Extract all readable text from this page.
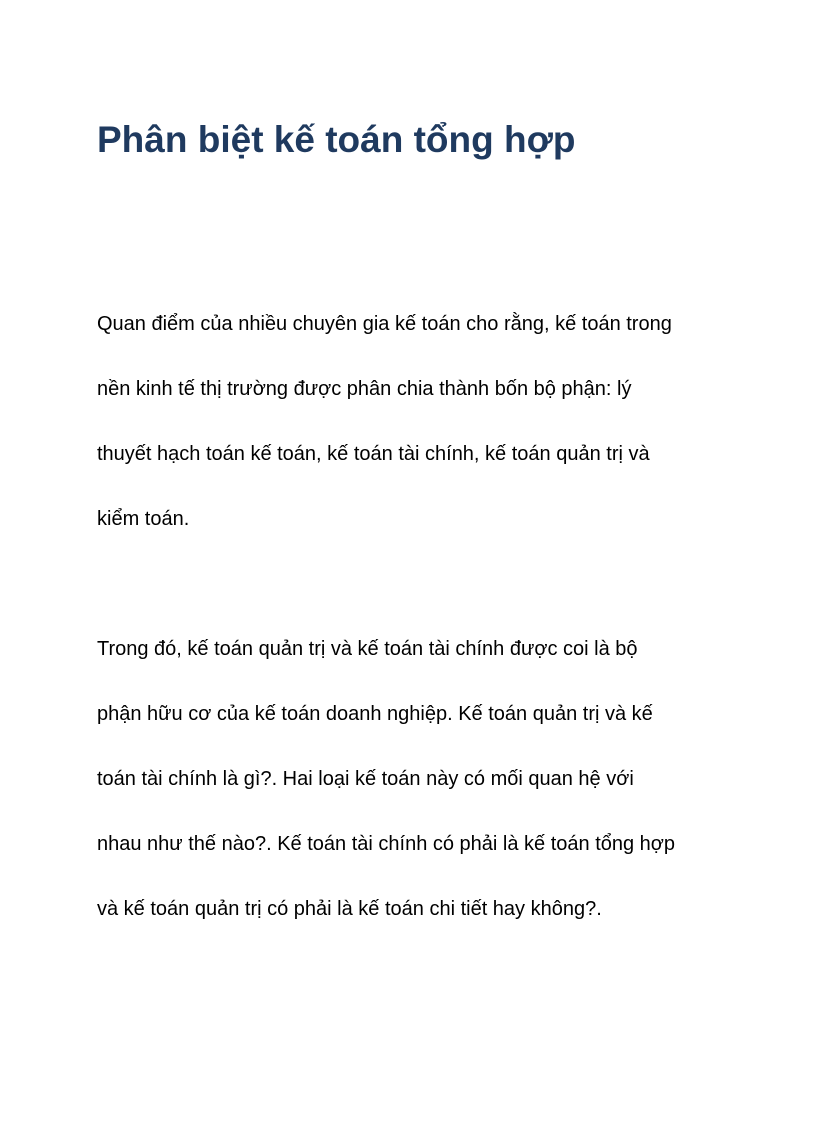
Phân biệt kế toán tổng hợp

Quan điểm của nhiều chuyên gia kế toán cho rằng, kế toán trong
nền kinh tế thị trường được phân chia thành bốn bộ phận: lý
thuyết hạch toán kế toán, kế toán tài chính, kế toán quản trị và
kiểm toán.

Trong đó, kế toán quản trị và kế toán tài chính được coi là bộ
phận hữu cơ của kế toán doanh nghiệp. Kế toán quản trị và kế
toán tài chính là gì?. Hai loại kế toán này có mối quan hệ với
nhau như thế nào?. Kế toán tài chính có phải là kế toán tổng hợp
và kế toán quản trị có phải là kế toán chi tiết hay không?.
